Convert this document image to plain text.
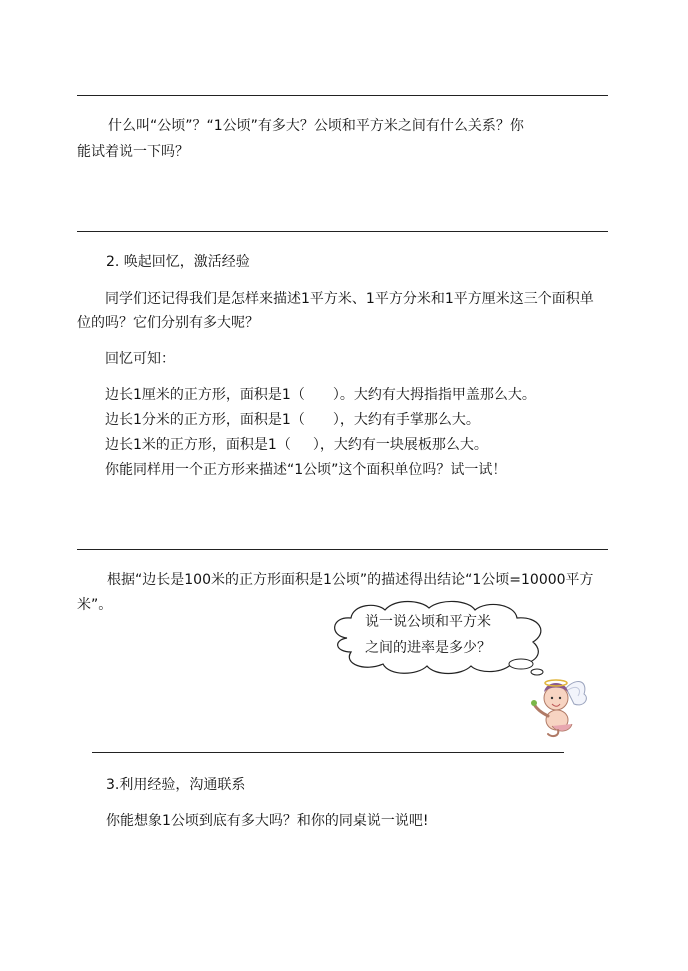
什么叫“公顷”？“1公顷”有多大？公顷和平方米之间有什么关系？你
能试着说一下吗？
2. 唤起回忆，激活经验
同学们还记得我们是怎样来描述1平方米、1平方分米和1平方厘米这三个面积单
位的吗？它们分别有多大呢？
回忆可知：
边长1厘米的正方形，面积是1（ ）。大约有大拇指指甲盖那么大。
边长1分米的正方形，面积是1（ ），大约有手掌那么大。
边长1米的正方形，面积是1（ ），大约有一块展板那么大。
你能同样用一个正方形来描述“1公顷”这个面积单位吗？试一试！
根据“边长是100米的正方形面积是1公顷”的描述得出结论“1公顷=10000平方
米”。
说一说公顷和平方米
之间的进率是多少？
3.利用经验，沟通联系
你能想象1公顷到底有多大吗？和你的同桌说一说吧!
